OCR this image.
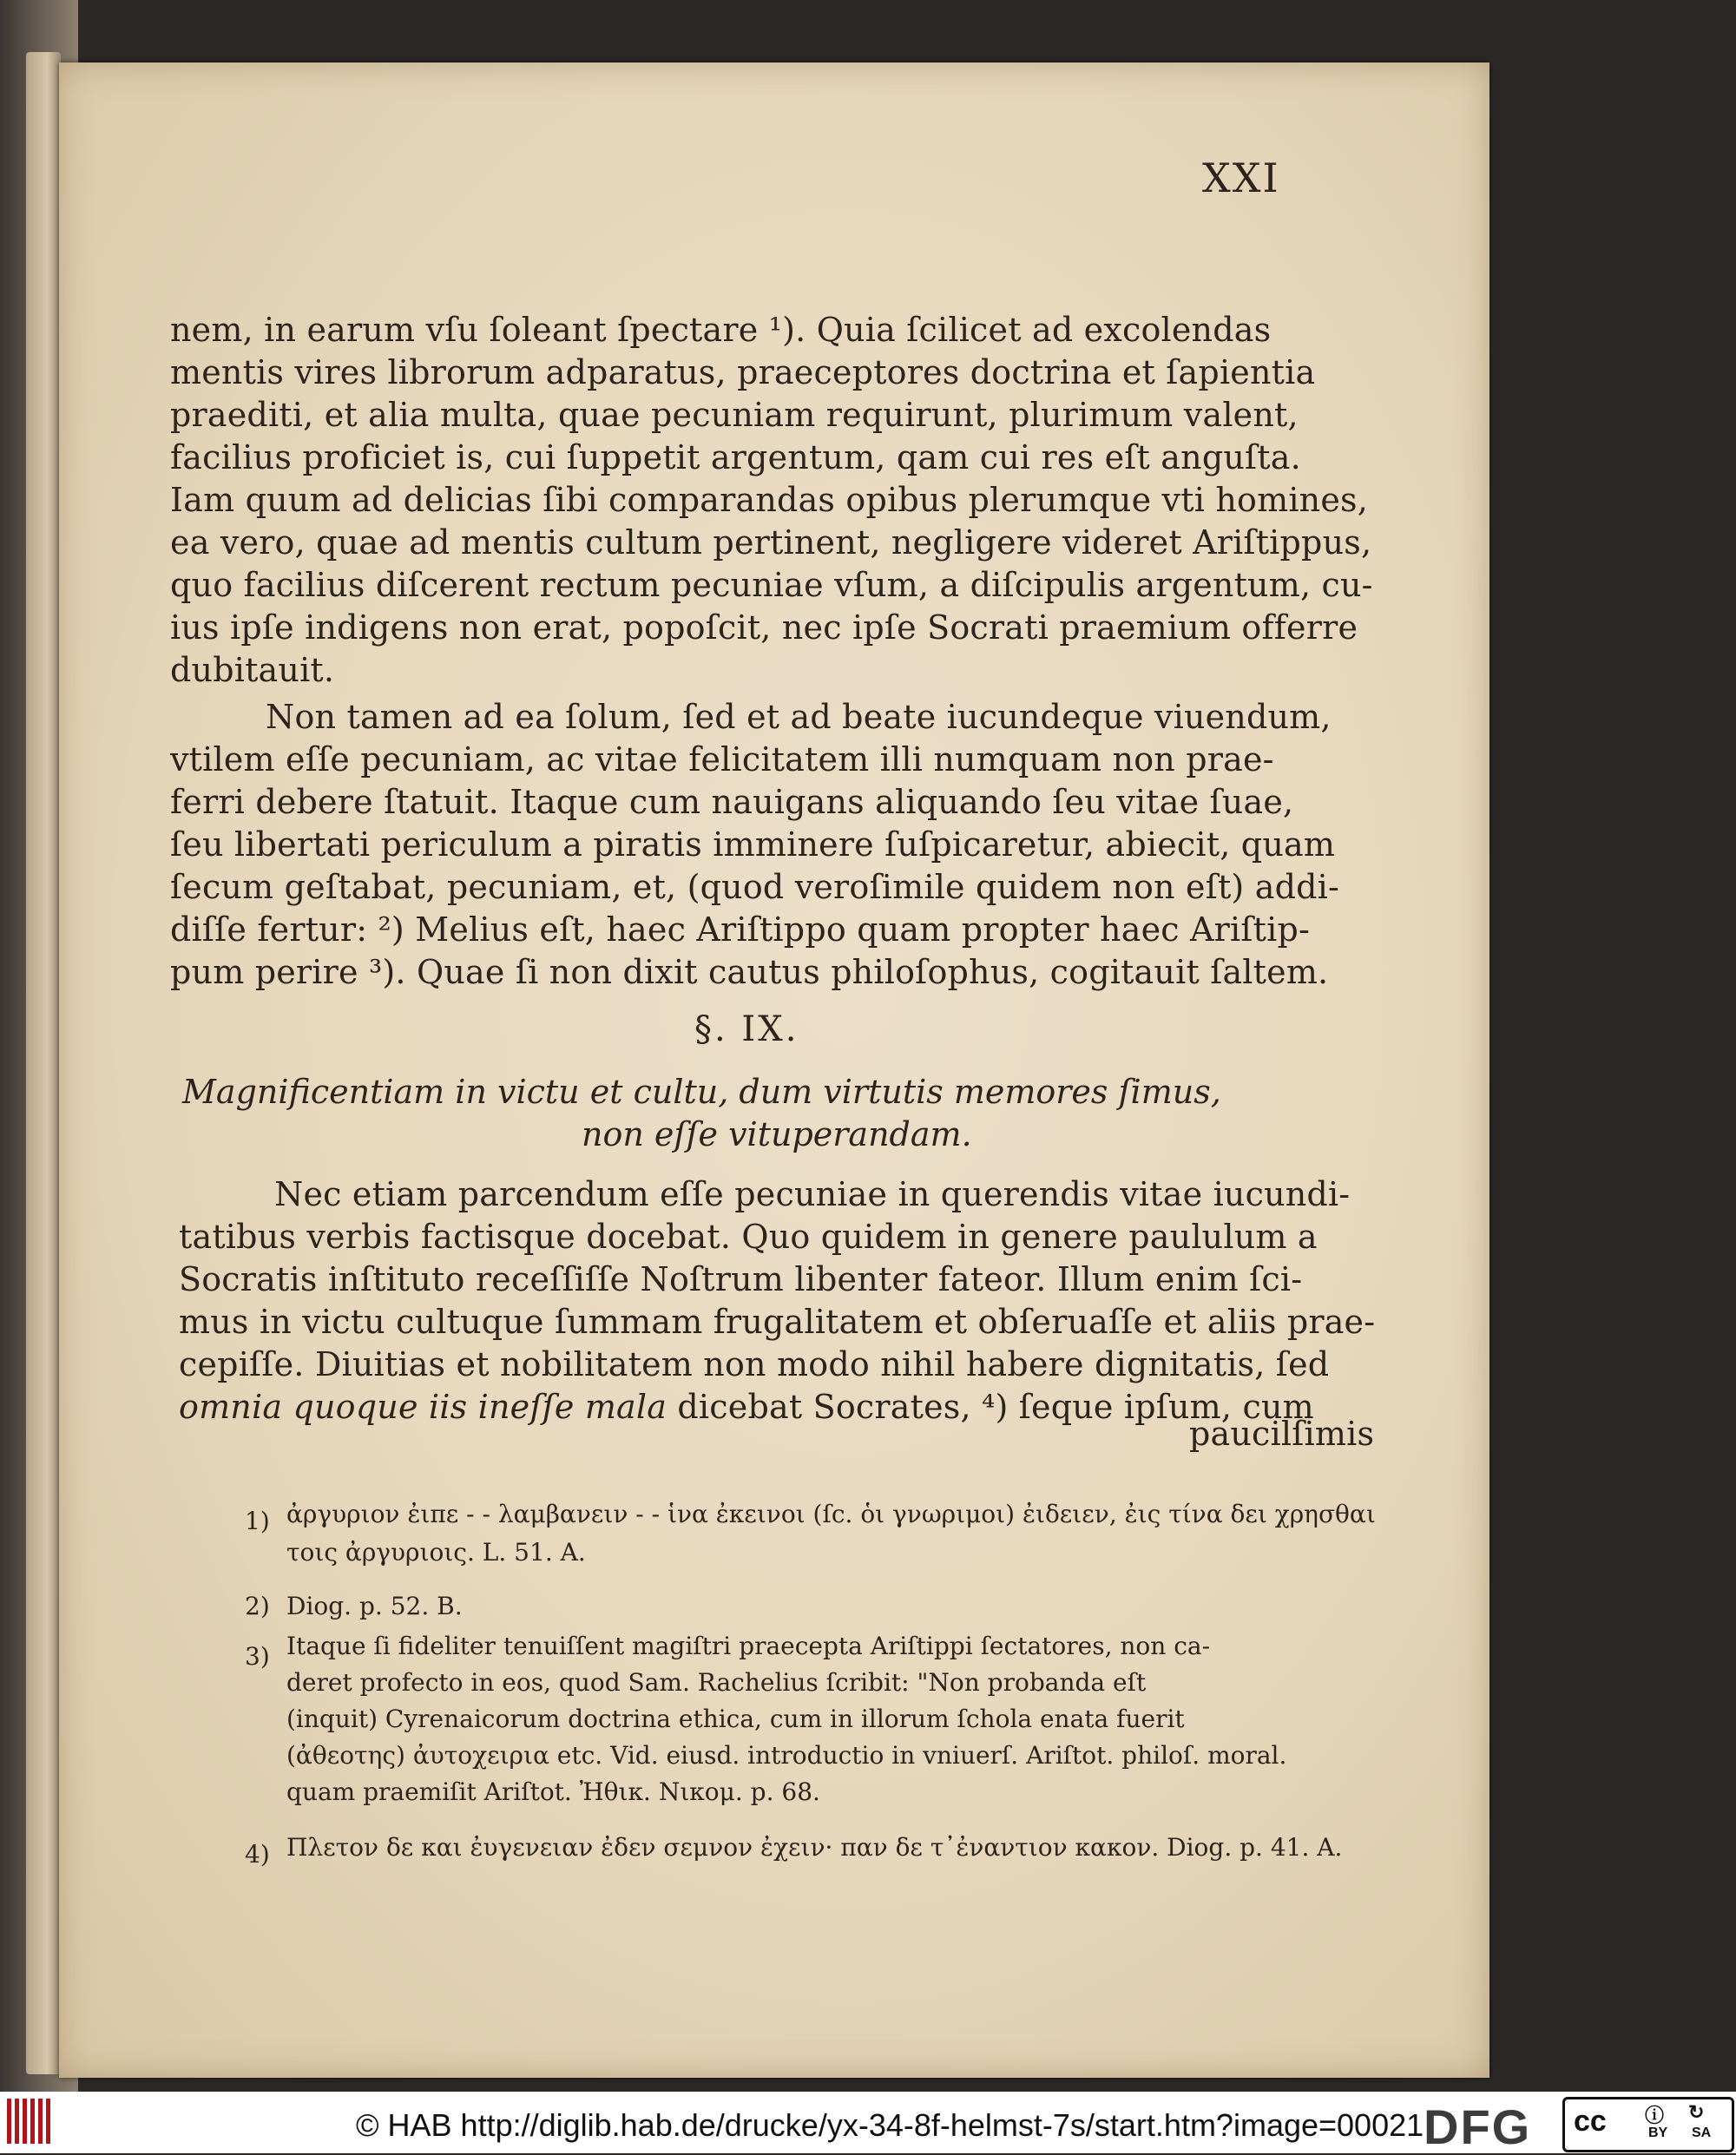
XXI
nem, in earum vſu ſoleant ſpectare ¹). Quia ſcilicet ad excolendas
mentis vires librorum adparatus, praeceptores doctrina et ſapientia
praediti, et alia multa, quae pecuniam requirunt, plurimum valent,
facilius proficiet is, cui ſuppetit argentum, qam cui res eſt anguſta.
Iam quum ad delicias ſibi comparandas opibus plerumque vti homines,
ea vero, quae ad mentis cultum pertinent, negligere videret Ariſtippus,
quo facilius diſcerent rectum pecuniae vſum, a diſcipulis argentum, cu-
ius ipſe indigens non erat, popoſcit, nec ipſe Socrati praemium offerre
dubitauit.
Non tamen ad ea ſolum, ſed et ad beate iucundeque viuendum,
vtilem eſſe pecuniam, ac vitae felicitatem illi numquam non prae-
ferri debere ſtatuit. Itaque cum nauigans aliquando ſeu vitae ſuae,
ſeu libertati periculum a piratis imminere ſuſpicaretur, abiecit, quam
ſecum geſtabat, pecuniam, et, (quod veroſimile quidem non eſt) addi-
diſſe fertur: ²) Melius eſt, haec Ariſtippo quam propter haec Ariſtip-
pum perire ³). Quae ſi non dixit cautus philoſophus, cogitauit ſaltem.
§. IX.
Magnificentiam in victu et cultu, dum virtutis memores ſimus,
non eſſe vituperandam.
Nec etiam parcendum eſſe pecuniae in querendis vitae iucundi-
tatibus verbis factisque docebat. Quo quidem in genere paululum a
Socratis inſtituto receſſiſſe Noſtrum libenter fateor. Illum enim ſci-
mus in victu cultuque ſummam frugalitatem et obſeruaſſe et aliis prae-
cepiſſe. Diuitias et nobilitatem non modo nihil habere dignitatis, ſed
omnia quoque iis ineſſe mala dicebat Socrates, ⁴) ſeque ipſum, cum
paucilſimis
1) ἀργυριον ἐιπε - - λαμβανειν - - ἱνα ἐκεινοι (ſc. ὁι γνωριμοι) ἐιδειεν, ἐις τίνα δει χρησθαι
τοις ἀργυριοις. L. 51. A.
2) Diog. p. 52. B.
3) Itaque ſi fideliter tenuiſſent magiſtri praecepta Ariſtippi ſectatores, non ca-
deret profecto in eos, quod Sam. Rachelius ſcribit: "Non probanda eſt
(inquit) Cyrenaicorum doctrina ethica, cum in illorum ſchola enata fuerit
(ἀθεοτης) ἀυτοχειρια etc. Vid. eiusd. introductio in vniuerſ. Ariſtot. philoſ. moral.
quam praemiſit Ariſtot. Ἠθικ. Νικομ. p. 68.
4) Πλετον δε και ἐυγενειαν ἐδεν σεμνον ἐχειν· παν δε τ᾽ἐναντιον κακον. Diog. p. 41. A.
© HAB http://diglib.hab.de/drucke/yx-34-8f-helmst-7s/start.htm?image=00021 DFG cc	BY SA
ⓘ ↻
